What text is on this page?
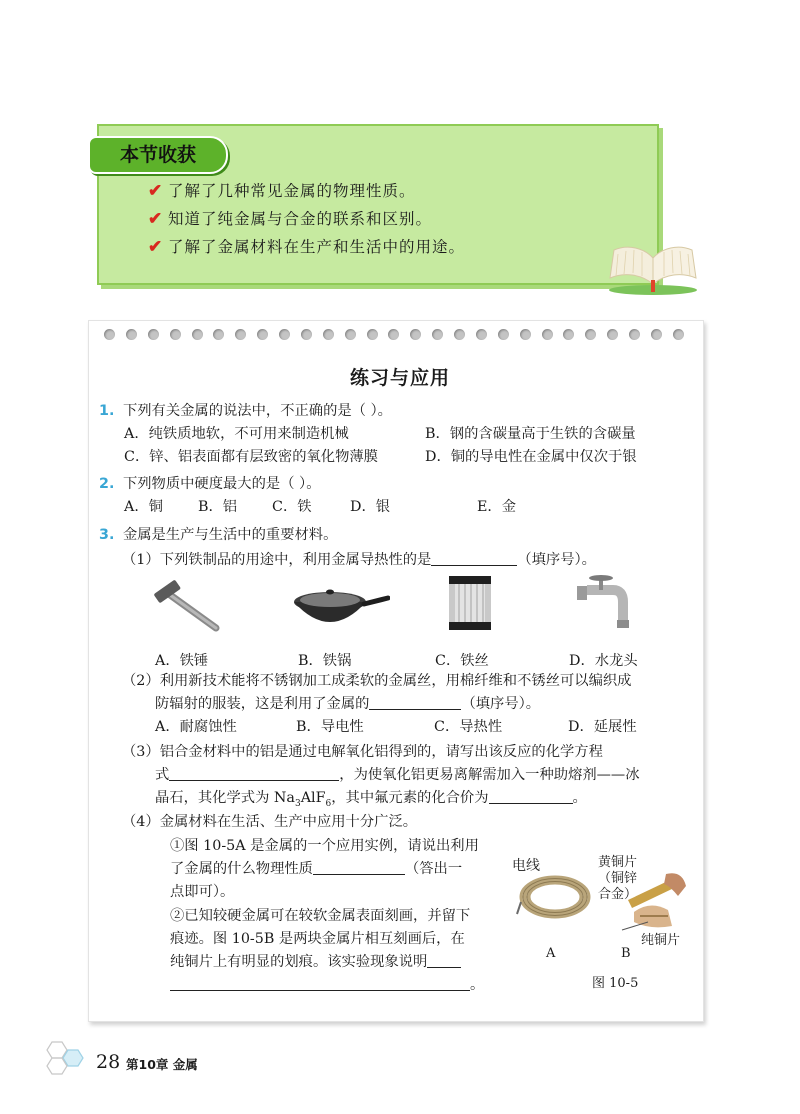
本节收获
✔ 了解了几种常见金属的物理性质。
✔ 知道了纯金属与合金的联系和区别。
✔ 了解了金属材料在生产和生活中的用途。
练习与应用
1. 下列有关金属的说法中，不正确的是（ ）。
A．纯铁质地软，不可用来制造机械	B．钢的含碳量高于生铁的含碳量
C．锌、铝表面都有层致密的氧化物薄膜	D．铜的导电性在金属中仅次于银
2. 下列物质中硬度最大的是（ ）。
A．铜 B．铝 C．铁	D．银	E．金
3. 金属是生产与生活中的重要材料。
（1）下列铁制品的用途中，利用金属导热性的是	（填序号）。
A．铁锤	B．铁锅	C．铁丝	D．水龙头
（2）利用新技术能将不锈钢加工成柔软的金属丝，用棉纤维和不锈丝可以编织成
防辐射的服装，这是利用了金属的	（填序号）。
A．耐腐蚀性	B．导电性	C．导热性	D．延展性
（3）铝合金材料中的铝是通过电解氧化铝得到的，请写出该反应的化学方程
式	，为使氧化铝更易离解需加入一种助熔剂——冰
晶石，其化学式为 $Na_3AlF_6$，其中氟元素的化合价为	。
（4）金属材料在生活、生产中应用十分广泛。
①图 10-5A 是金属的一个应用实例，请说出利用
了金属的什么物理性质	（答出一
点即可）。
②已知较硬金属可在较软金属表面刻画，并留下
痕迹。图 10-5B 是两块金属片相互刻画后，在
纯铜片上有明显的划痕。该实验现象说明
。
电线	黄铜片
（铜锌
合金）
纯铜片
A	B
图 10-5
28 第10章 金属
